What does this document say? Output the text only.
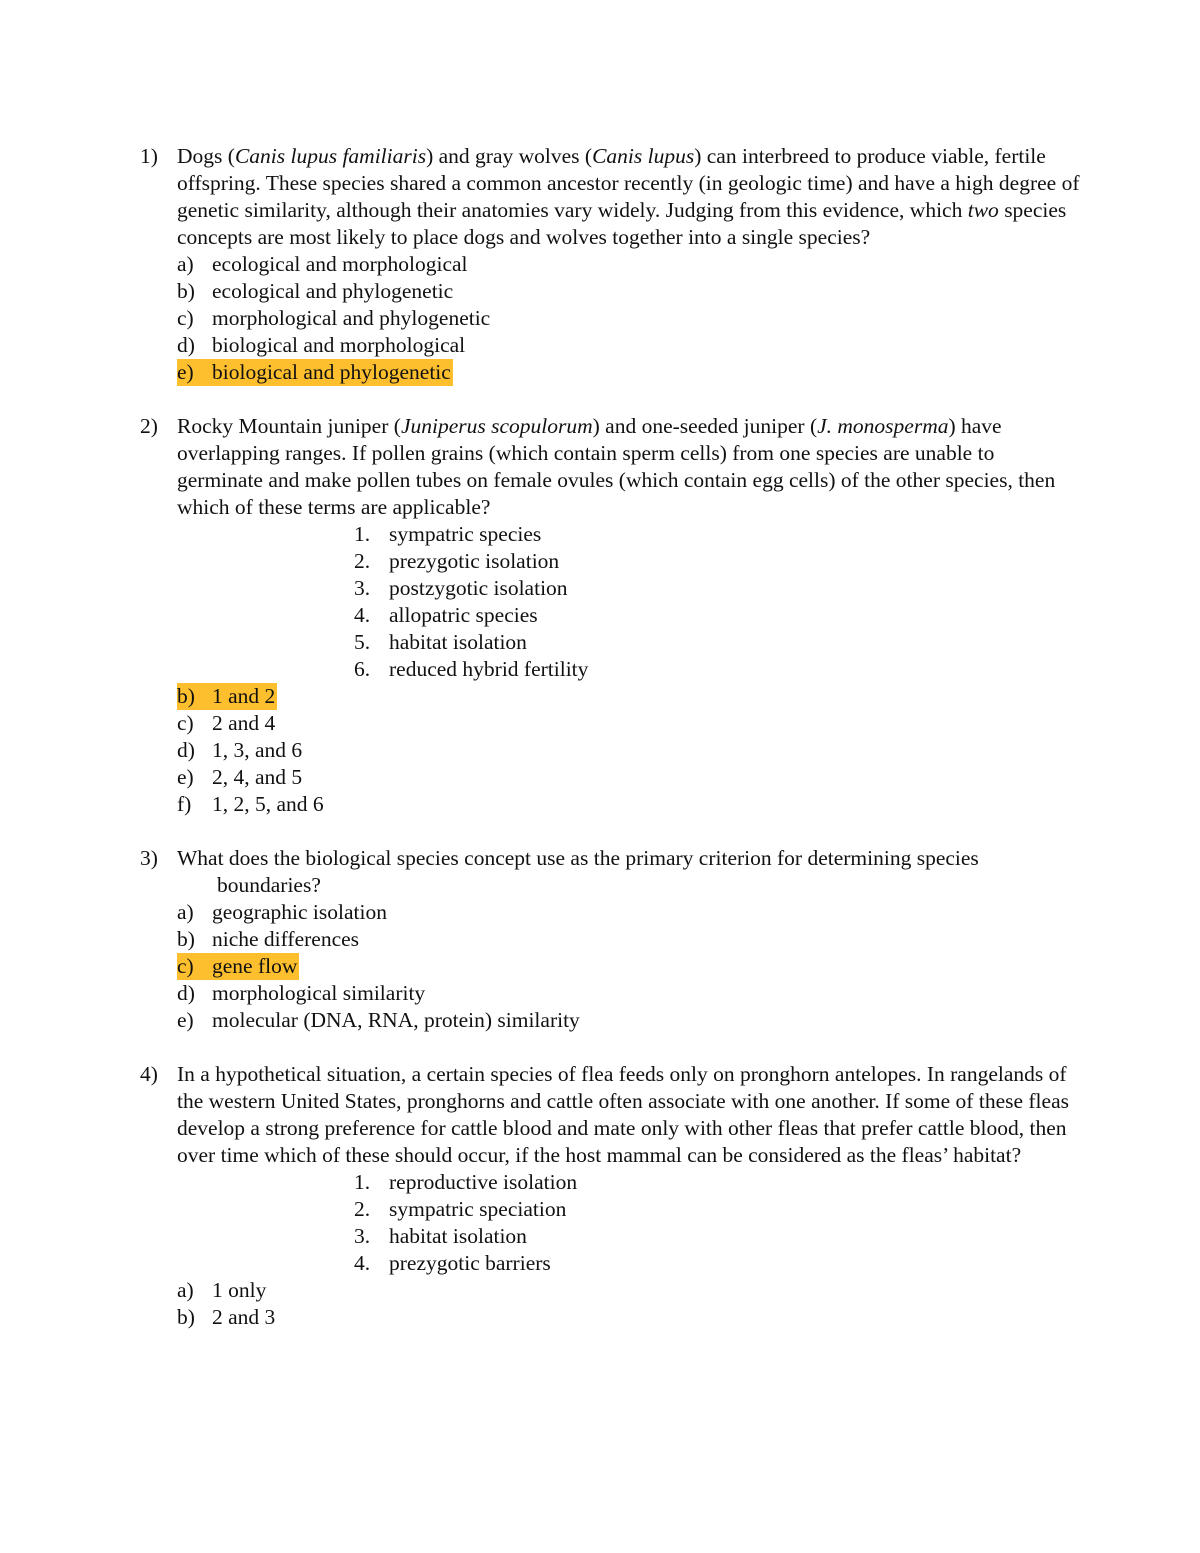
1) Dogs (Canis lupus familiaris) and gray wolves (Canis lupus) can interbreed to produce viable, fertile offspring. These species shared a common ancestor recently (in geologic time) and have a high degree of genetic similarity, although their anatomies vary widely. Judging from this evidence, which two species concepts are most likely to place dogs and wolves together into a single species?
a) ecological and morphological
b) ecological and phylogenetic
c) morphological and phylogenetic
d) biological and morphological
e) biological and phylogenetic
2) Rocky Mountain juniper (Juniperus scopulorum) and one-seeded juniper (J. monosperma) have overlapping ranges. If pollen grains (which contain sperm cells) from one species are unable to germinate and make pollen tubes on female ovules (which contain egg cells) of the other species, then which of these terms are applicable?
1. sympatric species
2. prezygotic isolation
3. postzygotic isolation
4. allopatric species
5. habitat isolation
6. reduced hybrid fertility
b) 1 and 2
c) 2 and 4
d) 1, 3, and 6
e) 2, 4, and 5
f) 1, 2, 5, and 6
3) What does the biological species concept use as the primary criterion for determining species boundaries?
a) geographic isolation
b) niche differences
c) gene flow
d) morphological similarity
e) molecular (DNA, RNA, protein) similarity
4) In a hypothetical situation, a certain species of flea feeds only on pronghorn antelopes. In rangelands of the western United States, pronghorns and cattle often associate with one another. If some of these fleas develop a strong preference for cattle blood and mate only with other fleas that prefer cattle blood, then over time which of these should occur, if the host mammal can be considered as the fleas’ habitat?
1. reproductive isolation
2. sympatric speciation
3. habitat isolation
4. prezygotic barriers
a) 1 only
b) 2 and 3
